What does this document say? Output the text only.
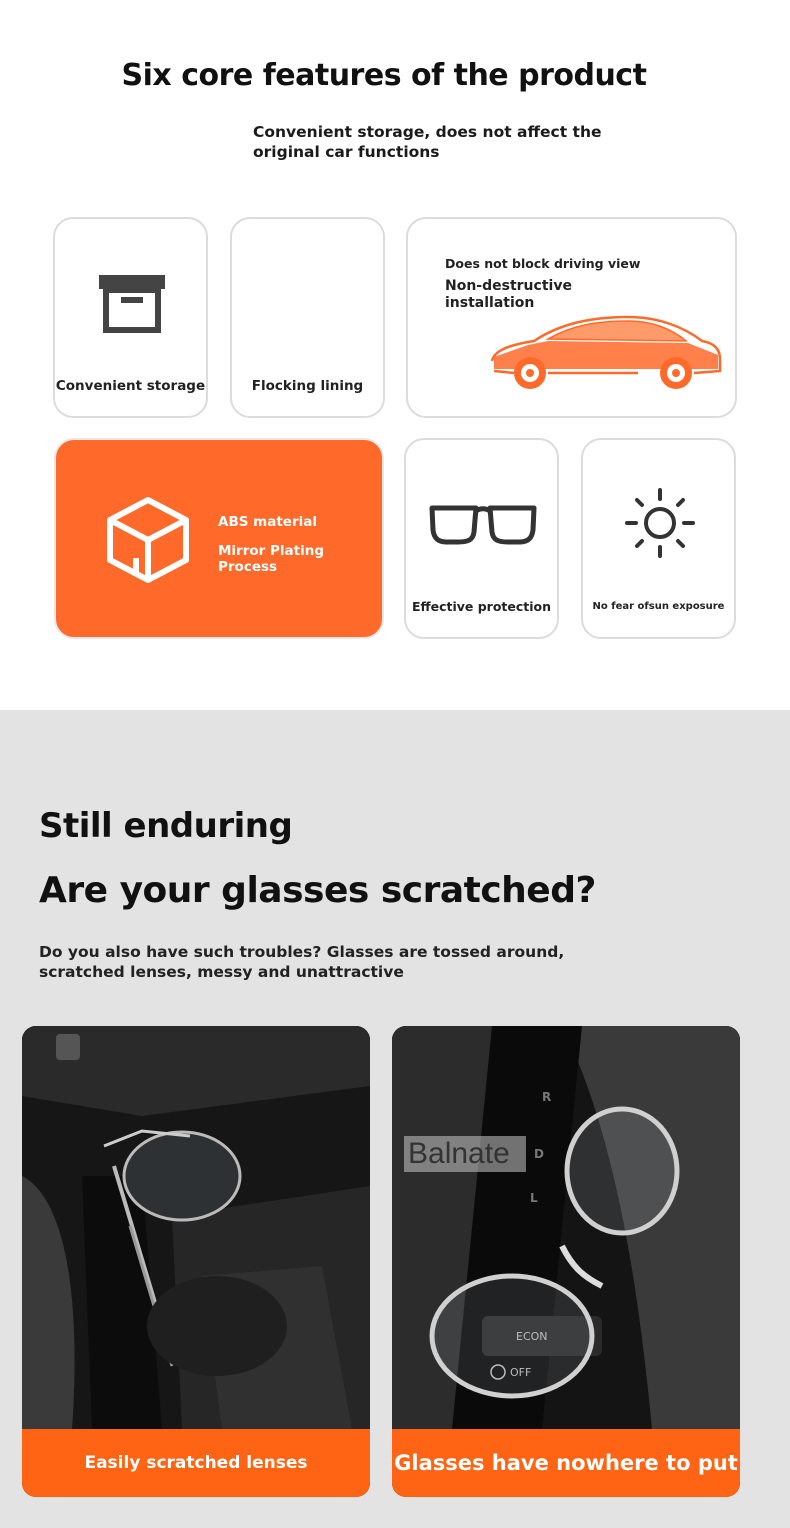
Six core features of the product
Convenient storage, does not affect the original car functions
Convenient storage	Flocking lining
Does not block driving view
Non-destructive installation
ABS material
Mirror Plating Process
Effective protection	No fear ofsun exposure
Still enduring
Are your glasses scratched?
Do you also have such troubles? Glasses are tossed around, scratched lenses, messy and unattractive
Easily scratched lenses
R
D
L
Balnate
Glasses have nowhere to put
